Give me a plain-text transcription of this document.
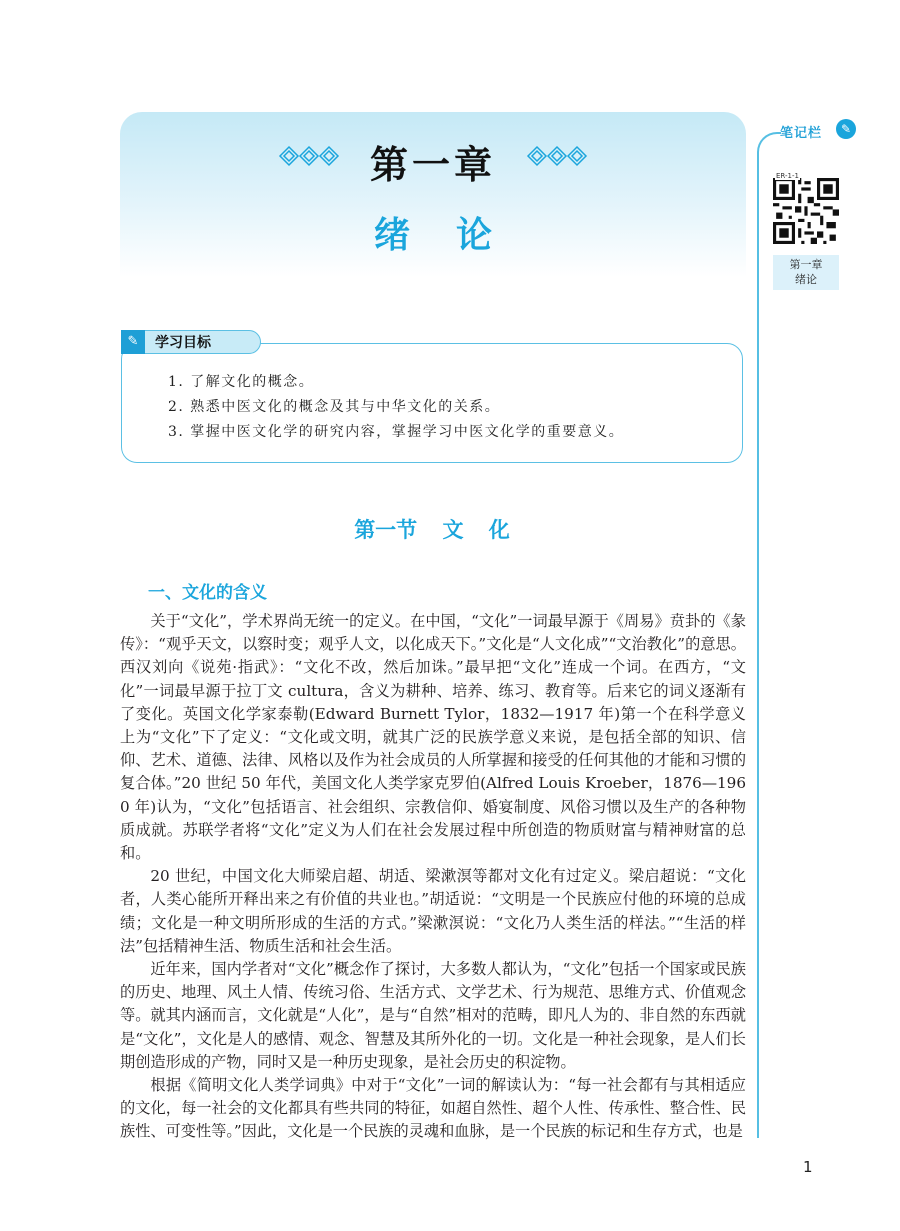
第一章
绪论
笔记栏	✎
ER-1-1
第一章
绪论
✎	学习目标
1. 了解文化的概念。
2. 熟悉中医文化的概念及其与中华文化的关系。
3. 掌握中医文化学的研究内容，掌握学习中医文化学的重要意义。
第一节 文 化
一、文化的含义

关于“文化”，学术界尚无统一的定义。在中国，“文化”一词最早源于《周易》贲卦的《彖传》：“观乎天文，以察时变；观乎人文，以化成天下。”文化是“人文化成”“文治教化”的意思。西汉刘向《说苑·指武》：“文化不改，然后加诛。”最早把“文化”连成一个词。在西方，“文化”一词最早源于拉丁文 cultura，含义为耕种、培养、练习、教育等。后来它的词义逐渐有了变化。英国文化学家泰勒(Edward Burnett Tylor，1832—1917 年)第一个在科学意义上为“文化”下了定义：“文化或文明，就其广泛的民族学意义来说，是包括全部的知识、信仰、艺术、道德、法律、风格以及作为社会成员的人所掌握和接受的任何其他的才能和习惯的复合体。”20 世纪 50 年代，美国文化人类学家克罗伯(Alfred Louis Kroeber，1876—1960 年)认为，“文化”包括语言、社会组织、宗教信仰、婚宴制度、风俗习惯以及生产的各种物质成就。苏联学者将“文化”定义为人们在社会发展过程中所创造的物质财富与精神财富的总和。

20 世纪，中国文化大师梁启超、胡适、梁漱溟等都对文化有过定义。梁启超说：“文化者，人类心能所开释出来之有价值的共业也。”胡适说：“文明是一个民族应付他的环境的总成绩；文化是一种文明所形成的生活的方式。”梁漱溟说：“文化乃人类生活的样法。”“生活的样法”包括精神生活、物质生活和社会生活。

近年来，国内学者对“文化”概念作了探讨，大多数人都认为，“文化”包括一个国家或民族的历史、地理、风土人情、传统习俗、生活方式、文学艺术、行为规范、思维方式、价值观念等。就其内涵而言，文化就是“人化”，是与“自然”相对的范畴，即凡人为的、非自然的东西就是“文化”，文化是人的感情、观念、智慧及其所外化的一切。文化是一种社会现象，是人们长期创造形成的产物，同时又是一种历史现象，是社会历史的积淀物。

根据《简明文化人类学词典》中对于“文化”一词的解读认为：“每一社会都有与其相适应的文化，每一社会的文化都具有些共同的特征，如超自然性、超个人性、传承性、整合性、民族性、可变性等。”因此，文化是一个民族的灵魂和血脉，是一个民族的标记和生存方式，也是

1
